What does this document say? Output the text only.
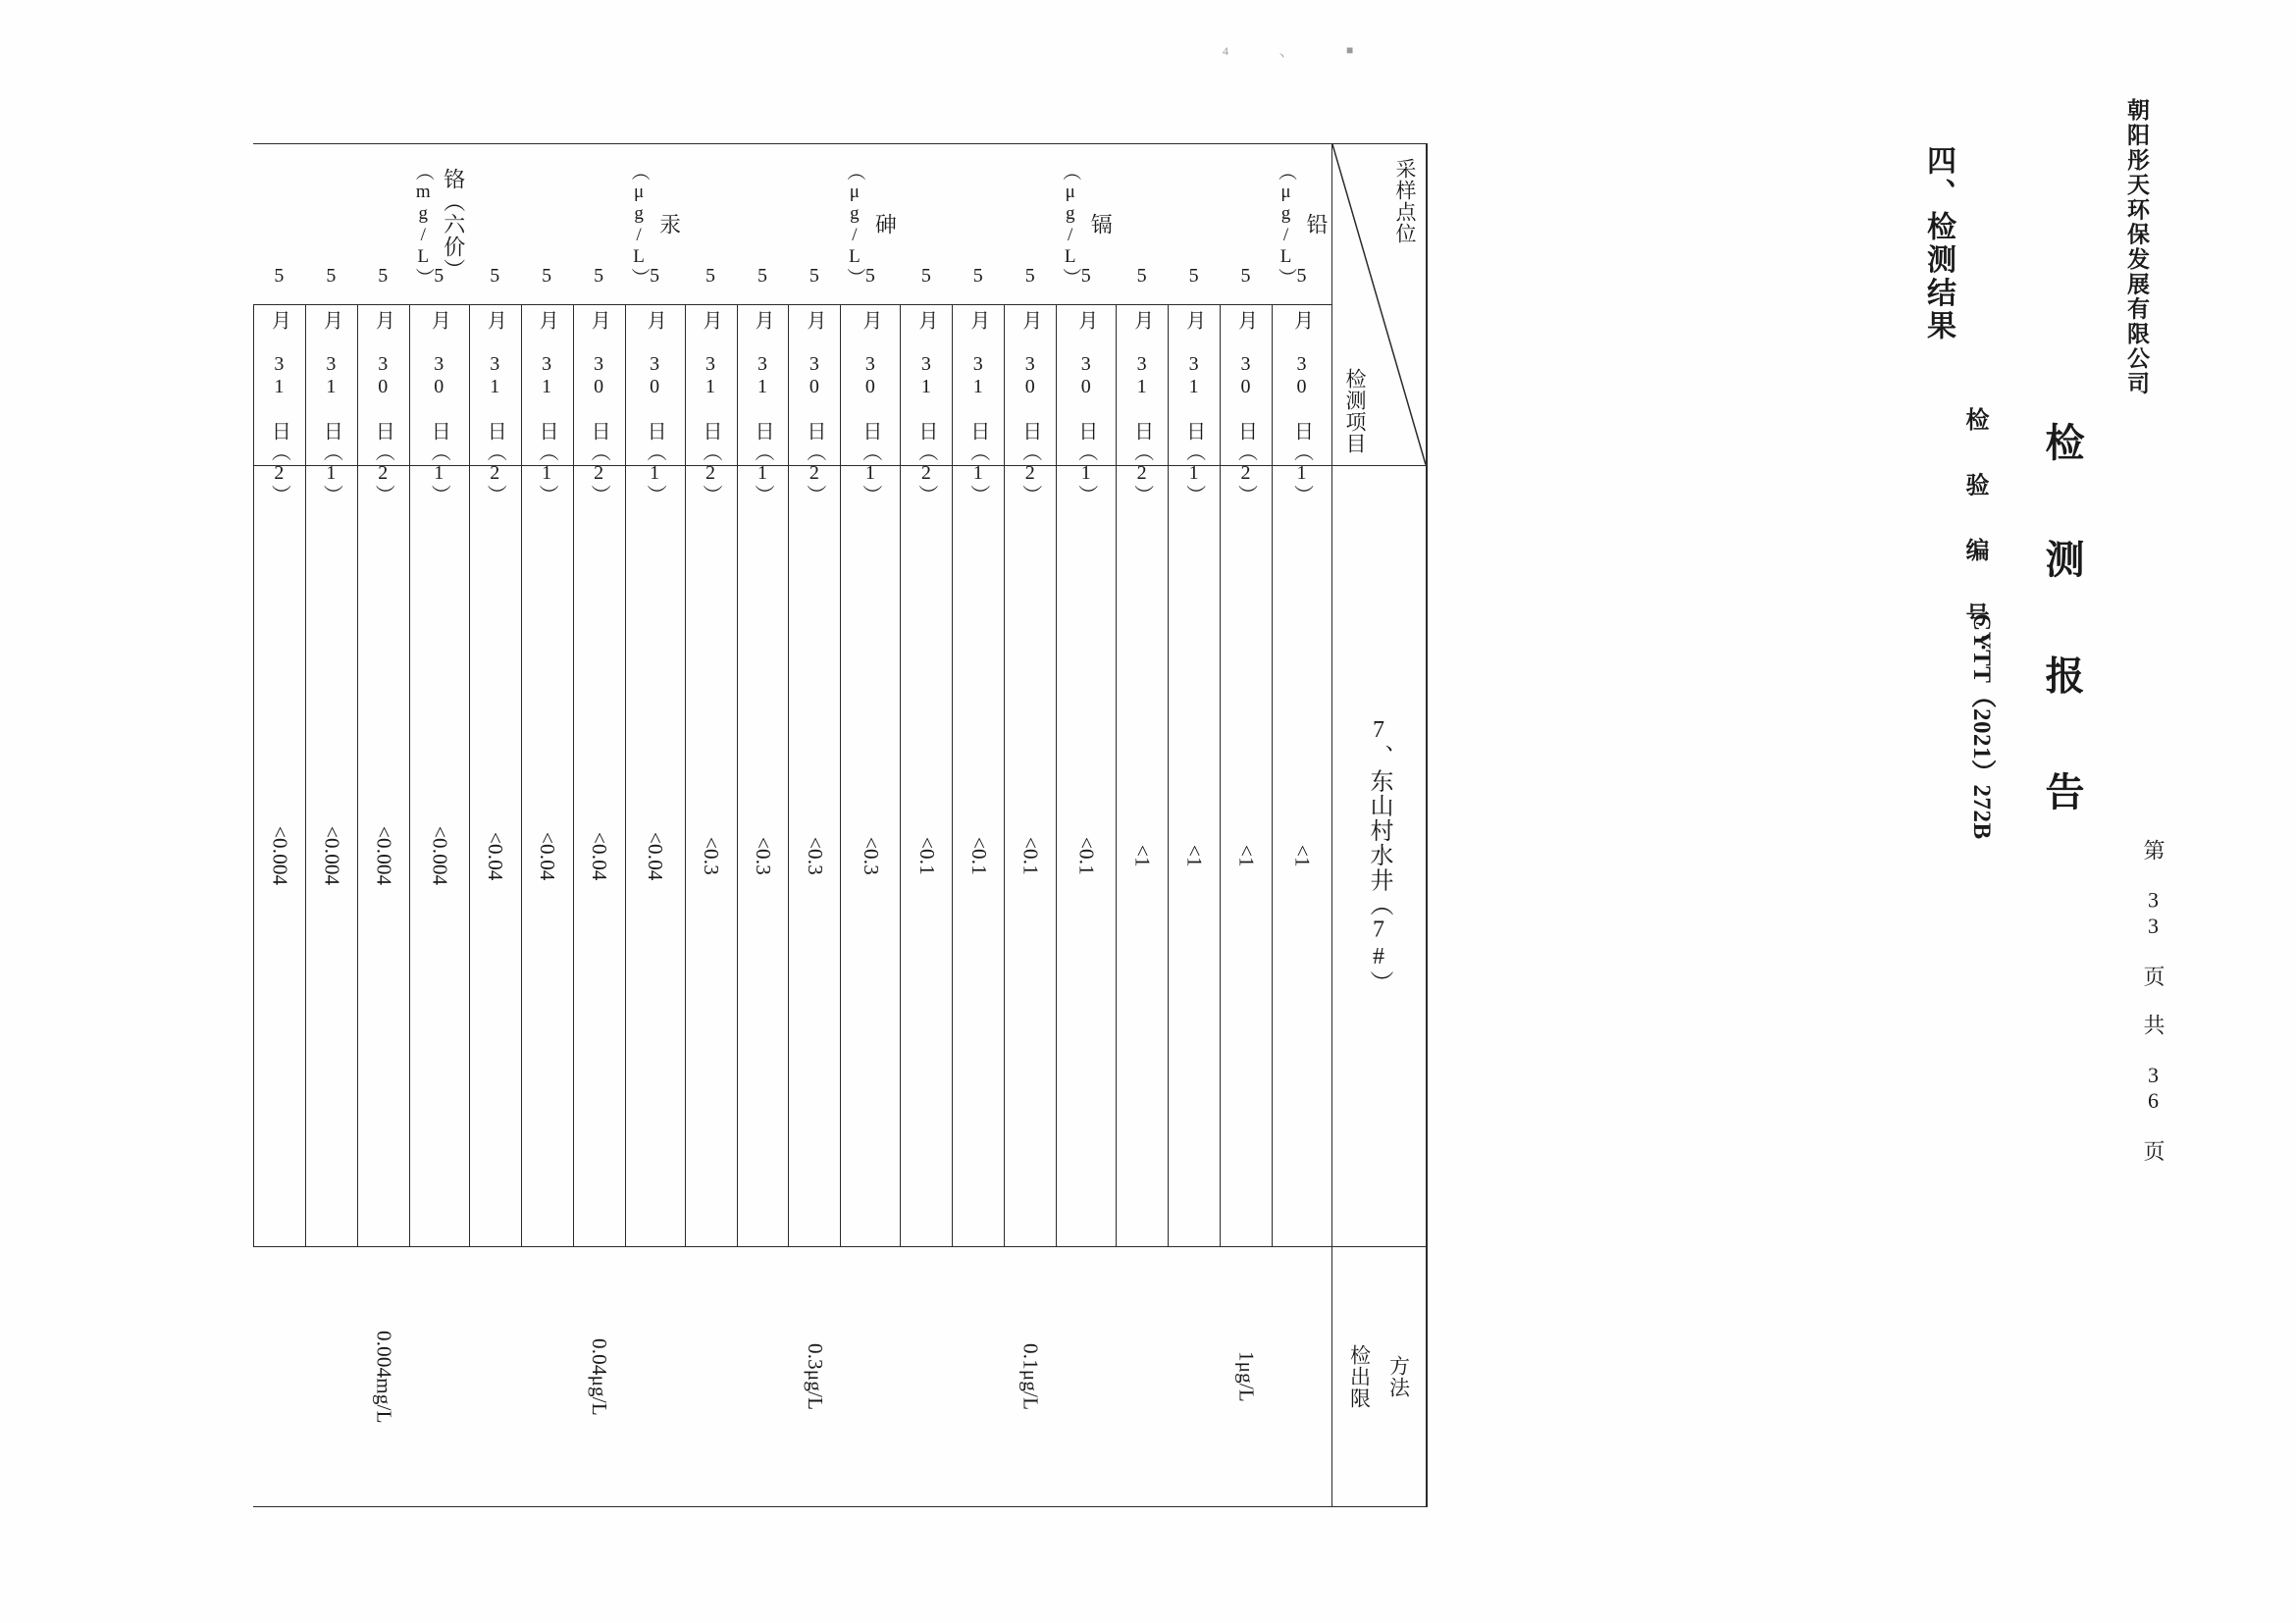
4	丶	■
朝阳彤天环保发展有限公司
检 测 报 告
检 验 编 号：
CYTT（2021）272B
第 33 页 共 36 页
四、检测结果
采样点位
检测项目
7、东山村水井（7#）
方法
检出限
铅
（μg/L）
5 月 30 日（1）
<1
5 月 30 日（2）
<1
1μg/L
5 月 31 日（1）
<1
5 月 31 日（2）
<1
镉
（μg/L）
5 月 30 日（1）
<0.1
5 月 30 日（2）
<0.1
0.1μg/L
5 月 31 日（1）
<0.1
5 月 31 日（2）
<0.1
砷
（μg/L）
5 月 30 日（1）
<0.3
5 月 30 日（2）
<0.3
0.3μg/L
5 月 31 日（1）
<0.3
5 月 31 日（2）
<0.3
汞
（μg/L）
5 月 30 日（1）
<0.04
5 月 30 日（2）
<0.04
0.04μg/L
5 月 31 日（1）
<0.04
5 月 31 日（2）
<0.04
铬（六价）
（mg/L）
5 月 30 日（1）
<0.004
5 月 30 日（2）
<0.004
0.004mg/L
5 月 31 日（1）
<0.004
5 月 31 日（2）
<0.004
